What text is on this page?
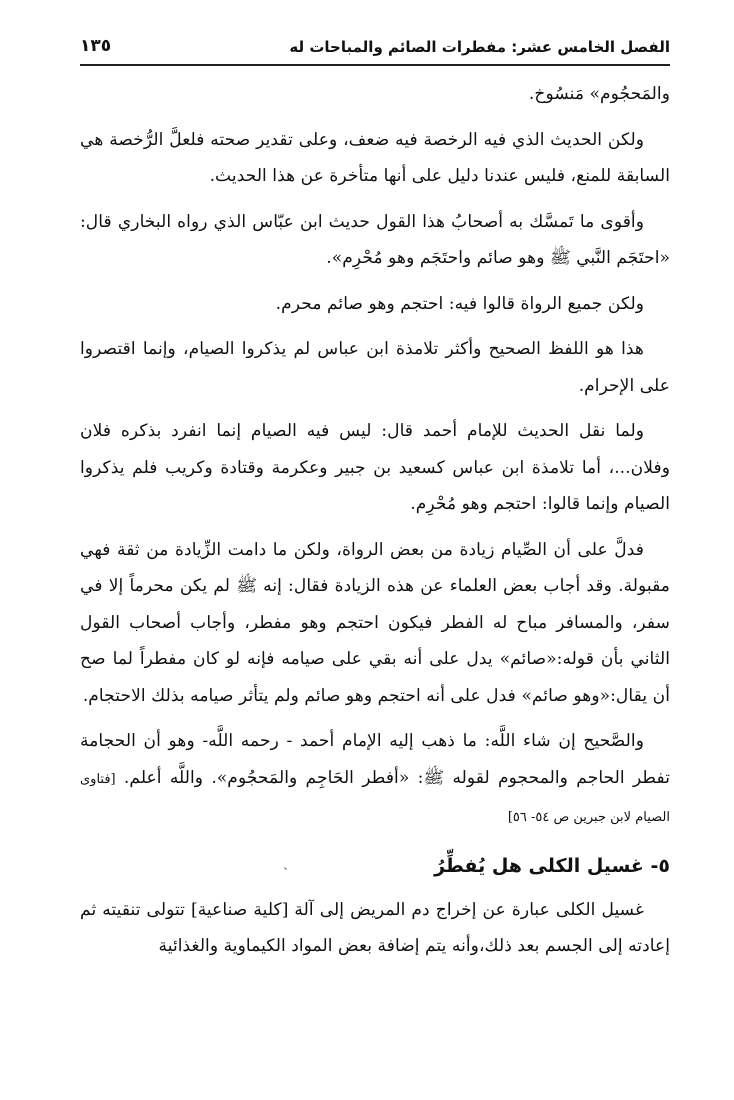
الفصل الخامس عشر: مفطرات الصائم والمباحات له
١٣٥

والمَحجُوم» مَنسُوخ.

ولكن الحديث الذي فيه الرخصة فيه ضعف، وعلى تقدير صحته فلعلَّ الرُّخصة هي السابقة للمنع، فليس عندنا دليل على أنها متأخرة عن هذا الحديث.

وأقوى ما تَمسَّك به أصحابُ هذا القول حديث ابن عبّاس الذي رواه البخاري قال: «احتَجَم النَّبي ﷺ وهو صائم واحتَجَم وهو مُحْرِم».

ولكن جميع الرواة قالوا فيه: احتجم وهو صائم محرم.

هذا هو اللفظ الصحيح وأكثر تلامذة ابن عباس لم يذكروا الصيام، وإنما اقتصروا على الإحرام.

ولما نقل الحديث للإمام أحمد قال: ليس فيه الصيام إنما انفرد بذكره فلان وفلان...، أما تلامذة ابن عباس كسعيد بن جبير وعكرمة وقتادة وكريب فلم يذكروا الصيام وإنما قالوا: احتجم وهو مُحْرِم.

فدلَّ على أن الصِّيام زيادة من بعض الرواة، ولكن ما دامت الزِّيادة من ثقة فهي مقبولة. وقد أجاب بعض العلماء عن هذه الزيادة فقال: إنه ﷺ لم يكن محرماً إلا في سفر، والمسافر مباح له الفطر فيكون احتجم وهو مفطر، وأجاب أصحاب القول الثاني بأن قوله:«صائم» يدل على أنه بقي على صيامه فإنه لو كان مفطراً لما صح أن يقال:«وهو صائم» فدل على أنه احتجم وهو صائم ولم يتأثر صيامه بذلك الاحتجام.

والصَّحيح إن شاء اللَّه: ما ذهب إليه الإمام أحمد - رحمه اللَّه- وهو أن الحجامة تفطر الحاجم والمحجوم لقوله ﷺ: «أفطر الحَاجِم والمَحجُوم». واللَّه أعلم. [فتاوى الصيام لابن جبرين ص ٥٤- ٥٦]

٥- غسيل الكلى هل يُفطِّرُ

غسيل الكلى عبارة عن إخراج دم المريض إلى آلة [كلية صناعية] تتولى تنقيته ثم إعادته إلى الجسم بعد ذلك،وأنه يتم إضافة بعض المواد الكيماوية والغذائية
